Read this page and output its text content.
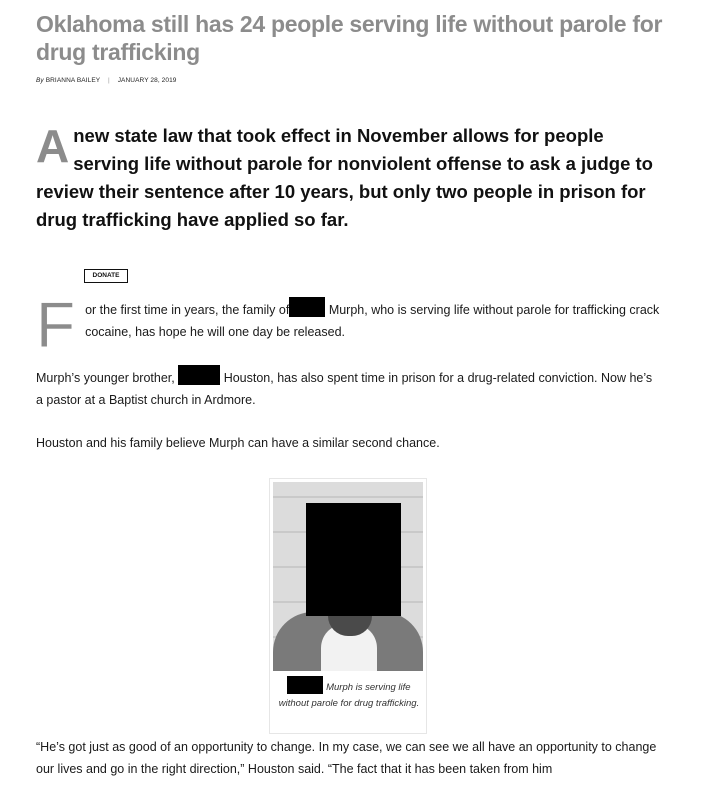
Oklahoma still has 24 people serving life without parole for drug trafficking
By BRIANNA BAILEY | JANUARY 28, 2019
A new state law that took effect in November allows for people serving life without parole for nonviolent offense to ask a judge to review their sentence after 10 years, but only two people in prison for drug trafficking have applied so far.
DONATE

For the first time in years, the family of	Murph, who is serving life without parole for trafficking crack cocaine, has hope he will one day be released.

Murph’s younger brother,	Houston, has also spent time in prison for a drug-related conviction. Now he’s a pastor at a Baptist church in Ardmore.

Houston and his family believe Murph can have a similar second chance.

Murph is serving life without parole for drug trafficking.

“He’s got just as good of an opportunity to change. In my case, we can see we all have an opportunity to change our lives and go in the right direction,” Houston said. “The fact that it has been taken from him
